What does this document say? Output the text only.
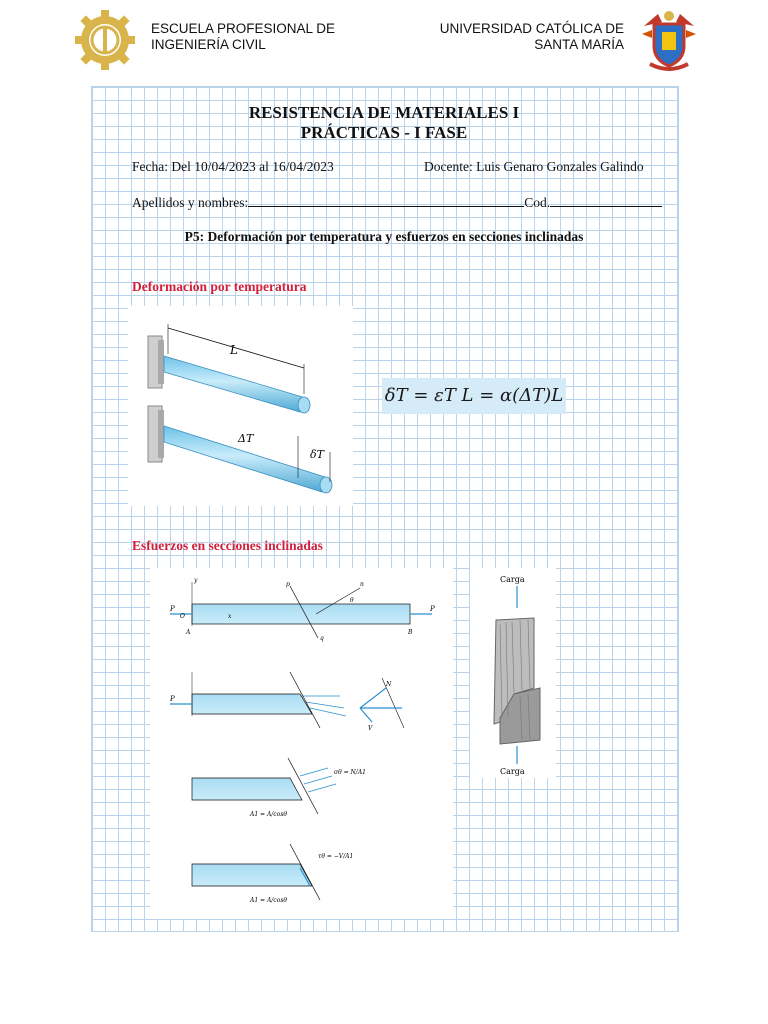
ESCUELA PROFESIONAL DE
INGENIERÍA CIVIL
UNIVERSIDAD CATÓLICA DE
SANTA MARÍA
RESISTENCIA DE MATERIALES I
PRÁCTICAS - I FASE
Fecha: Del 10/04/2023 al 16/04/2023	Docente: Luis Genaro Gonzales Galindo
Apellidos y nombres:	Cod.
P5: Deformación por temperatura y esfuerzos en secciones inclinadas
Deformación por temperatura
L
ΔT
δT
δT = εT L = α(ΔT)L
Esfuerzos en secciones inclinadas
y
P	P
A	B
x
O
p
q
n
θ
P
N
V
σθ = N/A1
A1 = A/cosθ
τθ = −V/A1
A1 = A/cosθ
Carga
Carga
